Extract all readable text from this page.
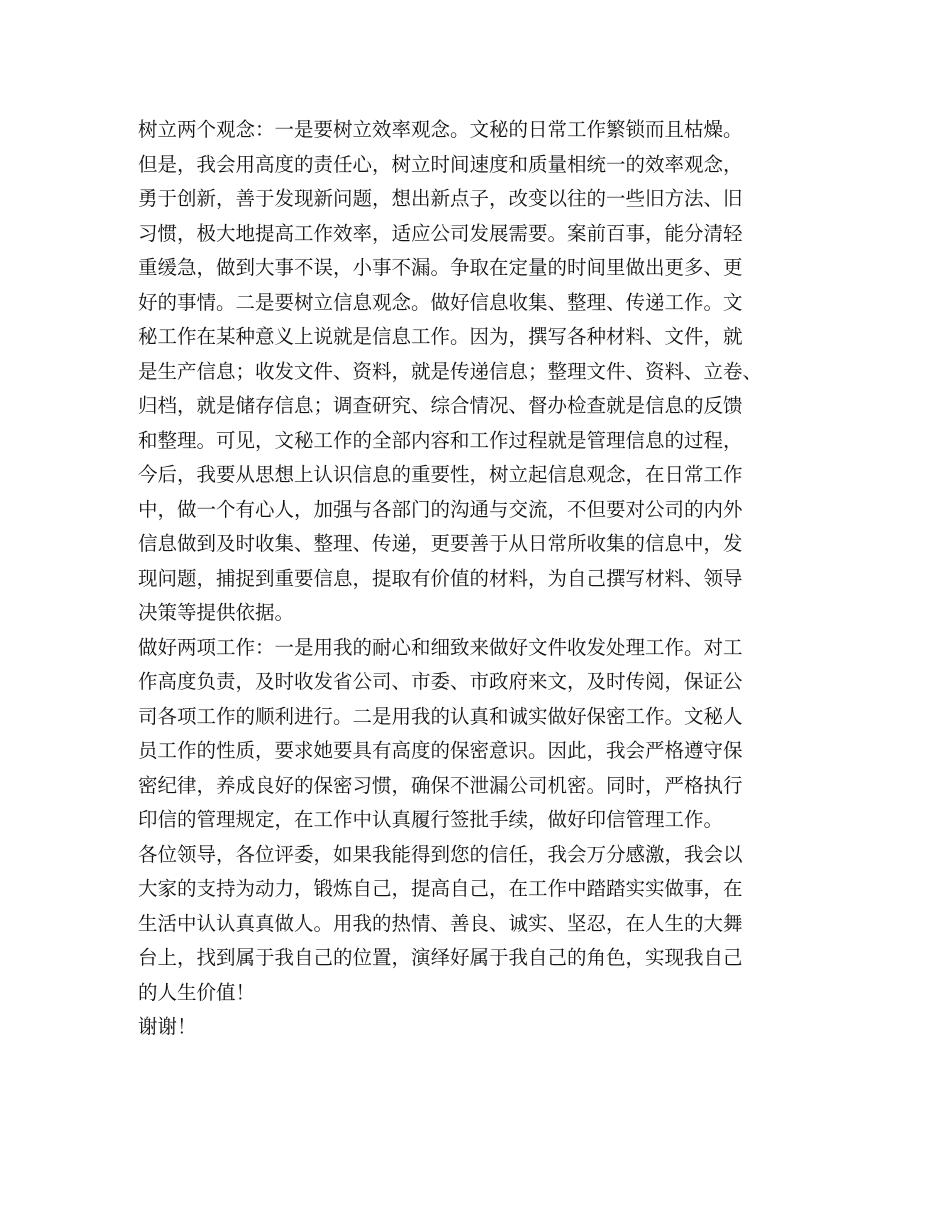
树立两个观念：一是要树立效率观念。文秘的日常工作繁锁而且枯燥。

但是，我会用高度的责任心，树立时间速度和质量相统一的效率观念，

勇于创新，善于发现新问题，想出新点子，改变以往的一些旧方法、旧

习惯，极大地提高工作效率，适应公司发展需要。案前百事，能分清轻

重缓急，做到大事不误，小事不漏。争取在定量的时间里做出更多、更

好的事情。二是要树立信息观念。做好信息收集、整理、传递工作。文

秘工作在某种意义上说就是信息工作。因为，撰写各种材料、文件，就

是生产信息；收发文件、资料，就是传递信息；整理文件、资料、立卷、

归档，就是储存信息；调查研究、综合情况、督办检查就是信息的反馈

和整理。可见，文秘工作的全部内容和工作过程就是管理信息的过程，

今后，我要从思想上认识信息的重要性，树立起信息观念，在日常工作

中，做一个有心人，加强与各部门的沟通与交流，不但要对公司的内外

信息做到及时收集、整理、传递，更要善于从日常所收集的信息中，发

现问题，捕捉到重要信息，提取有价值的材料，为自己撰写材料、领导

决策等提供依据。

做好两项工作：一是用我的耐心和细致来做好文件收发处理工作。对工

作高度负责，及时收发省公司、市委、市政府来文，及时传阅，保证公

司各项工作的顺利进行。二是用我的认真和诚实做好保密工作。文秘人

员工作的性质，要求她要具有高度的保密意识。因此，我会严格遵守保

密纪律，养成良好的保密习惯，确保不泄漏公司机密。同时，严格执行

印信的管理规定，在工作中认真履行签批手续，做好印信管理工作。

各位领导，各位评委，如果我能得到您的信任，我会万分感激，我会以

大家的支持为动力，锻炼自己，提高自己，在工作中踏踏实实做事，在

生活中认认真真做人。用我的热情、善良、诚实、坚忍，在人生的大舞

台上，找到属于我自己的位置，演绎好属于我自己的角色，实现我自己

的人生价值！

谢谢！
